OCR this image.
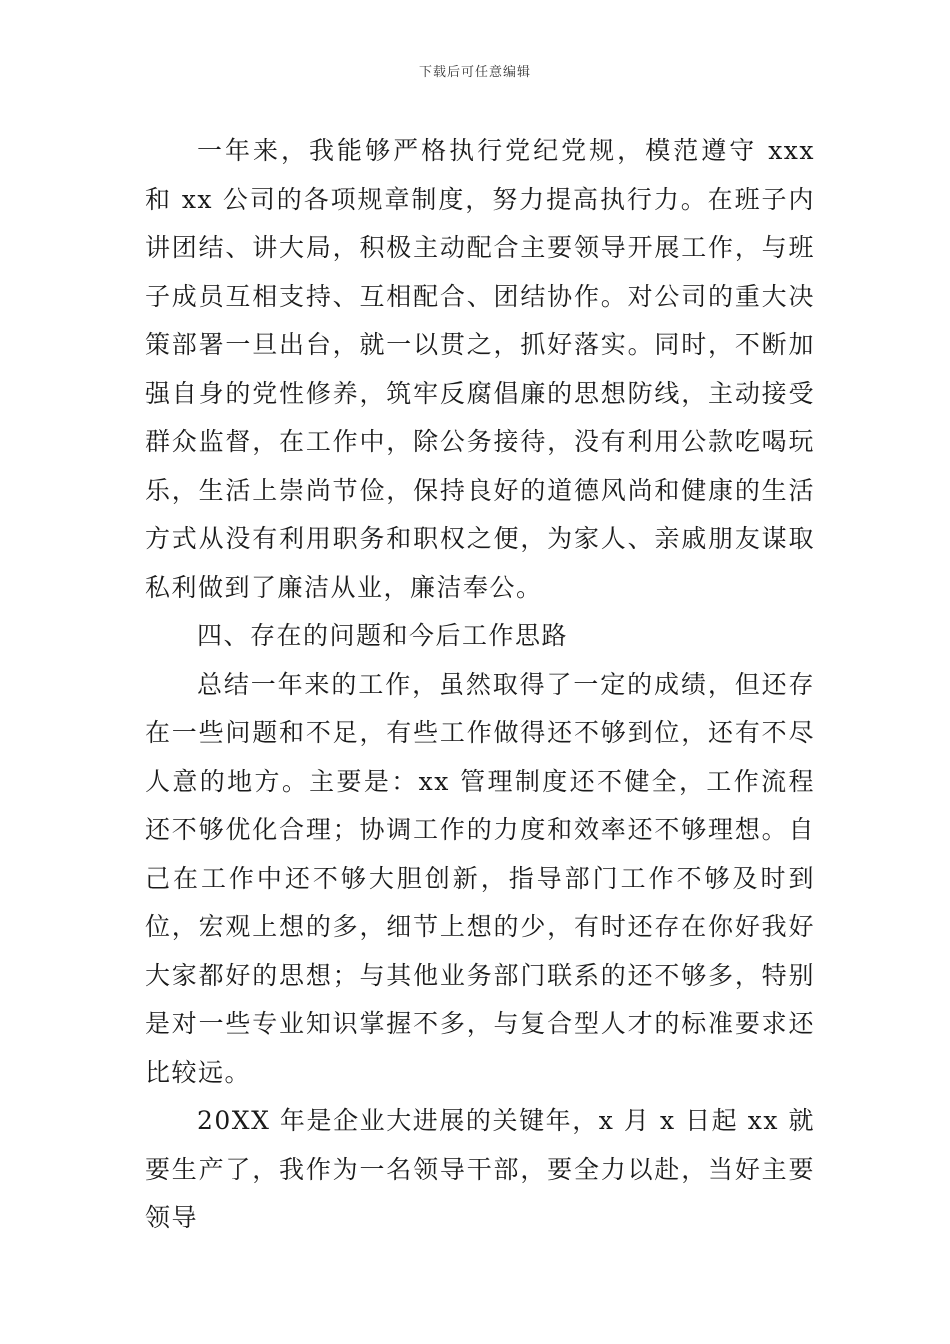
下载后可任意编辑

一年来，我能够严格执行党纪党规，模范遵守 xxx 和 xx 公司的各项规章制度，努力提高执行力。在班子内讲团结、讲大局，积极主动配合主要领导开展工作，与班子成员互相支持、互相配合、团结协作。对公司的重大决策部署一旦出台，就一以贯之，抓好落实。同时，不断加强自身的党性修养，筑牢反腐倡廉的思想防线，主动接受群众监督，在工作中，除公务接待，没有利用公款吃喝玩乐，生活上崇尚节俭，保持良好的道德风尚和健康的生活方式从没有利用职务和职权之便，为家人、亲戚朋友谋取私利做到了廉洁从业，廉洁奉公。

四、存在的问题和今后工作思路

总结一年来的工作，虽然取得了一定的成绩，但还存在一些问题和不足，有些工作做得还不够到位，还有不尽人意的地方。主要是：xx 管理制度还不健全，工作流程还不够优化合理；协调工作的力度和效率还不够理想。自己在工作中还不够大胆创新，指导部门工作不够及时到位，宏观上想的多，细节上想的少，有时还存在你好我好大家都好的思想；与其他业务部门联系的还不够多，特别是对一些专业知识掌握不多，与复合型人才的标准要求还比较远。

20XX 年是企业大进展的关键年，x 月 x 日起 xx 就要生产了，我作为一名领导干部，要全力以赴，当好主要领导
